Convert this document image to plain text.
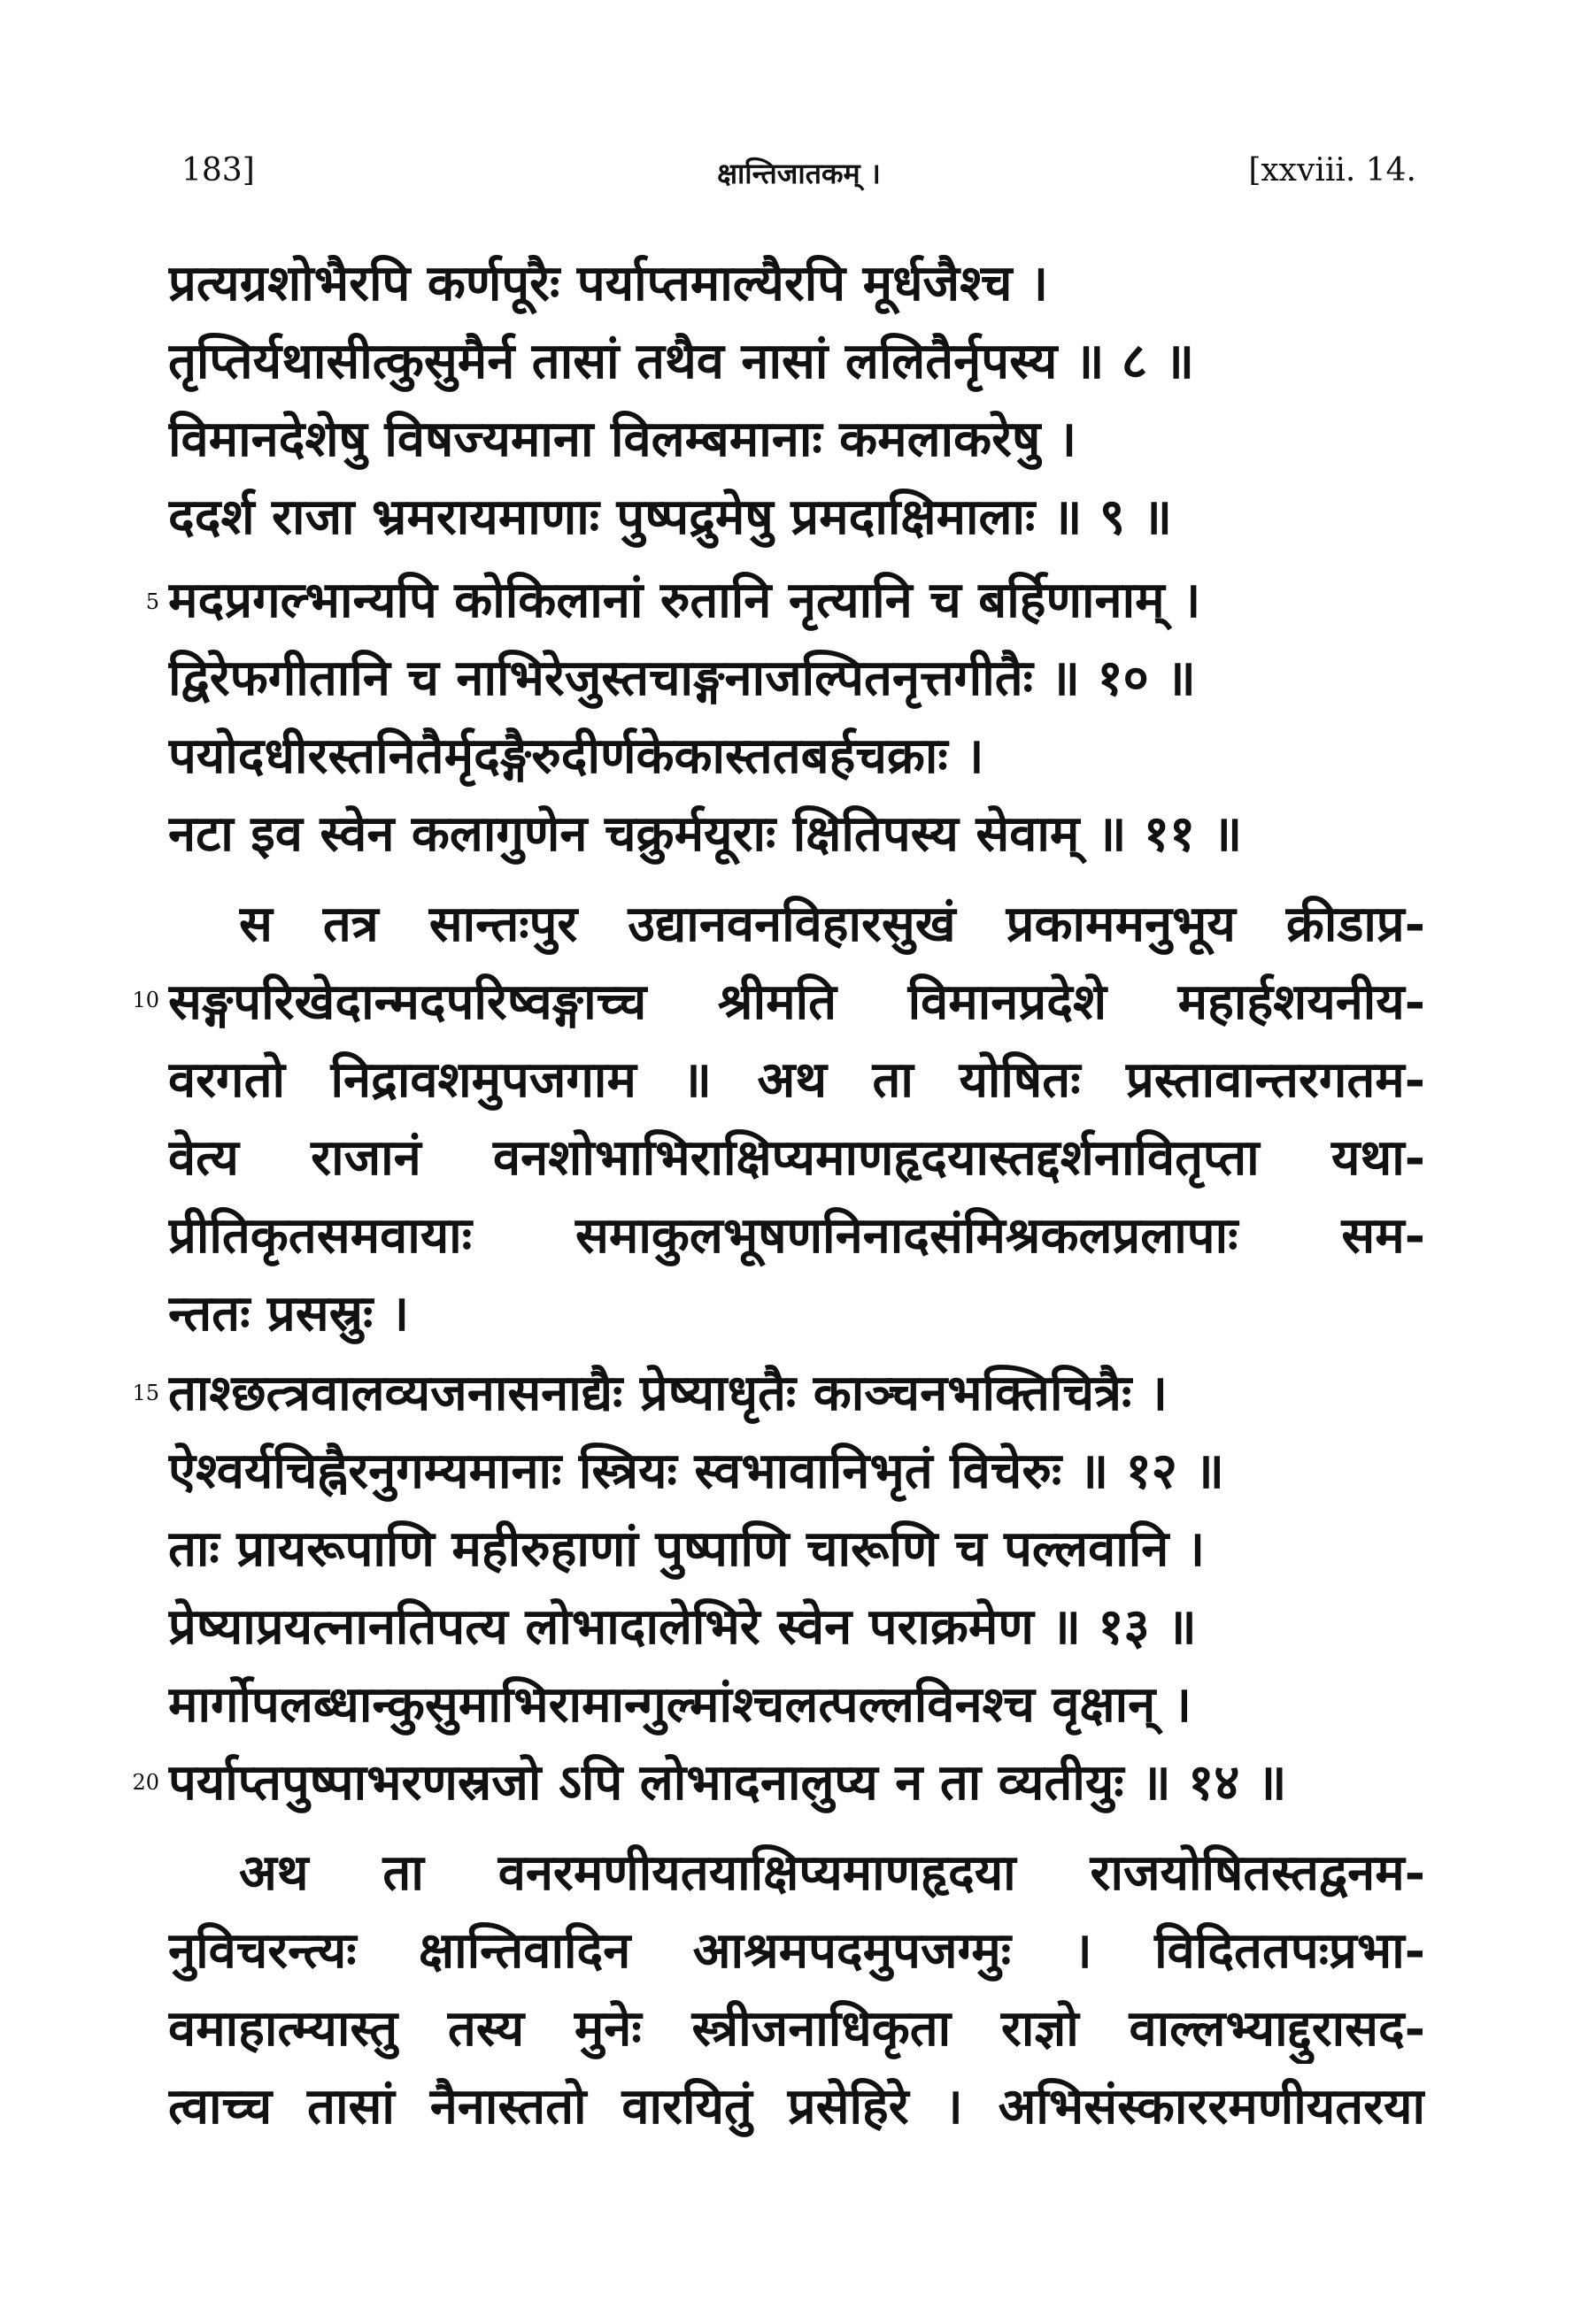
183]	क्षान्तिजातकम् ।	[xxviii. 14.
प्रत्यग्रशोभैरपि कर्णपूरैः पर्याप्तमाल्यैरपि मूर्धजैश्च ।
तृप्तिर्यथासीत्कुसुमैर्न तासां तथैव नासां ललितैर्नृपस्य ॥ ८ ॥
विमानदेशेषु विषज्यमाना विलम्बमानाः कमलाकरेषु ।
ददर्श राजा भ्रमरायमाणाः पुष्पद्रुमेषु प्रमदाक्षिमालाः ॥ ९ ॥
5 मदप्रगल्भान्यपि कोकिलानां रुतानि नृत्यानि च बर्हिणानाम् ।
द्विरेफगीतानि च नाभिरेजुस्तचाङ्गनाजल्पितनृत्तगीतैः ॥ १० ॥
पयोदधीरस्तनितैर्मृदङ्गैरुदीर्णकेकास्ततबर्हचक्राः ।
नटा इव स्वेन कलागुणेन चक्रुर्मयूराः क्षितिपस्य सेवाम् ॥ ११ ॥
स तत्र सान्तःपुर उद्यानवनविहारसुखं प्रकाममनुभूय क्रीडाप्र-
10 सङ्गपरिखेदान्मदपरिष्वङ्गाच्च श्रीमति विमानप्रदेशे महार्हशयनीय-
वरगतो निद्रावशमुपजगाम ॥ अथ ता योषितः प्रस्तावान्तरगतम-
वेत्य राजानं वनशोभाभिराक्षिप्यमाणहृदयास्तद्दर्शनावितृप्ता यथा-
प्रीतिकृतसमवायाः समाकुलभूषणनिनादसंमिश्रकलप्रलापाः सम-
न्ततः प्रसस्रुः ।
15 ताश्छत्त्रवालव्यजनासनाद्यैः प्रेष्याधृतैः काञ्चनभक्तिचित्रैः ।
ऐश्वर्यचिह्नैरनुगम्यमानाः स्त्रियः स्वभावानिभृतं विचेरुः ॥ १२ ॥
ताः प्रायरूपाणि महीरुहाणां पुष्पाणि चारूणि च पल्लवानि ।
प्रेष्याप्रयत्नानतिपत्य लोभादालेभिरे स्वेन पराक्रमेण ॥ १३ ॥
मार्गोपलब्धान्कुसुमाभिरामान्गुल्मांश्चलत्पल्लविनश्च वृक्षान् ।
20 पर्याप्तपुष्पाभरणस्रजो ऽपि लोभादनालुप्य न ता व्यतीयुः ॥ १४ ॥
अथ ता वनरमणीयतयाक्षिप्यमाणहृदया राजयोषितस्तद्वनम-
नुविचरन्त्यः क्षान्तिवादिन आश्रमपदमुपजग्मुः । विदिततपःप्रभा-
वमाहात्म्यास्तु तस्य मुनेः स्त्रीजनाधिकृता राज्ञो वाल्लभ्याद्दुरासद-
त्वाच्च तासां नैनास्ततो वारयितुं प्रसेहिरे । अभिसंस्काररमणीयतरया
